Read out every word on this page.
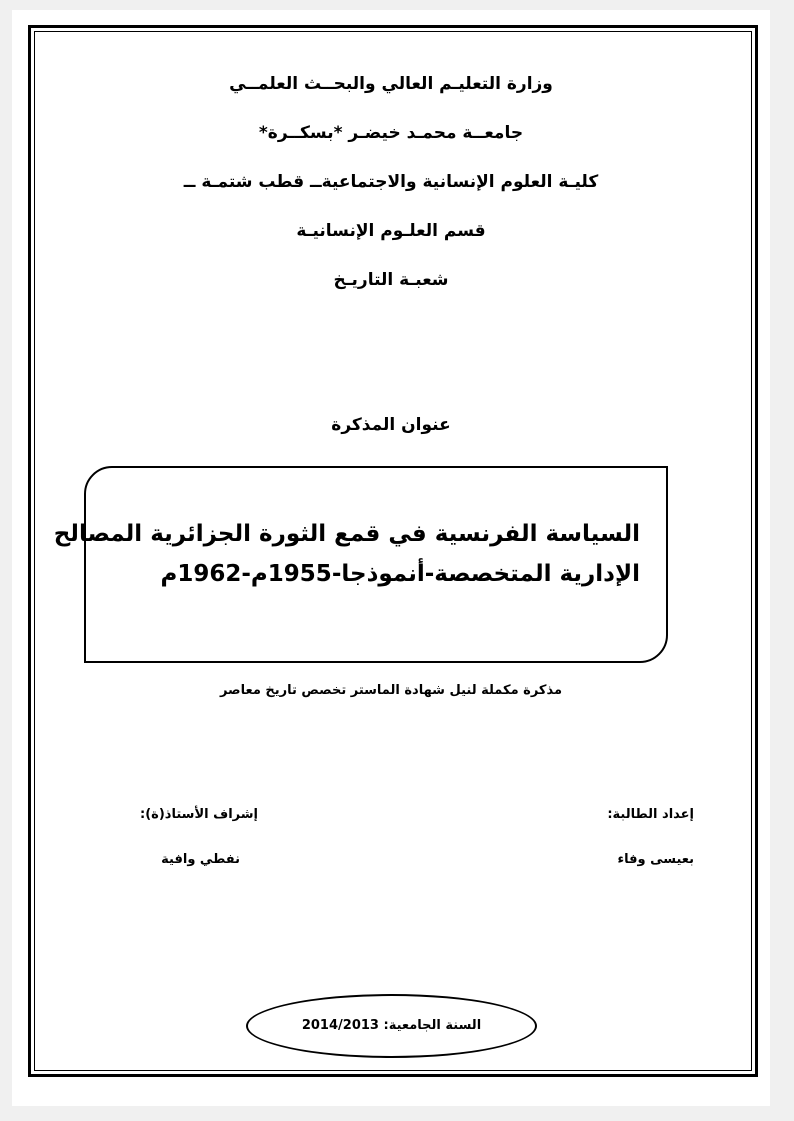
وزارة التعليـم العالي والبحــث العلمــي
جامعــة محمـد خيضـر *بسكــرة*
كليـة العلوم الإنسانية والاجتماعيةــ قطب شتمـة ــ
قسم العلـوم الإنسانيـة
شعبـة التاريـخ
عنوان المذكرة
السياسة الفرنسية في قمع الثورة الجزائرية المصالح
الإدارية المتخصصة-أنموذجا-1955م-1962م
مذكرة مكملة لنيل شهادة الماستر تخصص تاريخ معاصر
إعداد الطالبة:
بعيسى وفاء
إشراف الأستاذ(ة):
نفطي وافية
السنة الجامعية: 2014/2013
